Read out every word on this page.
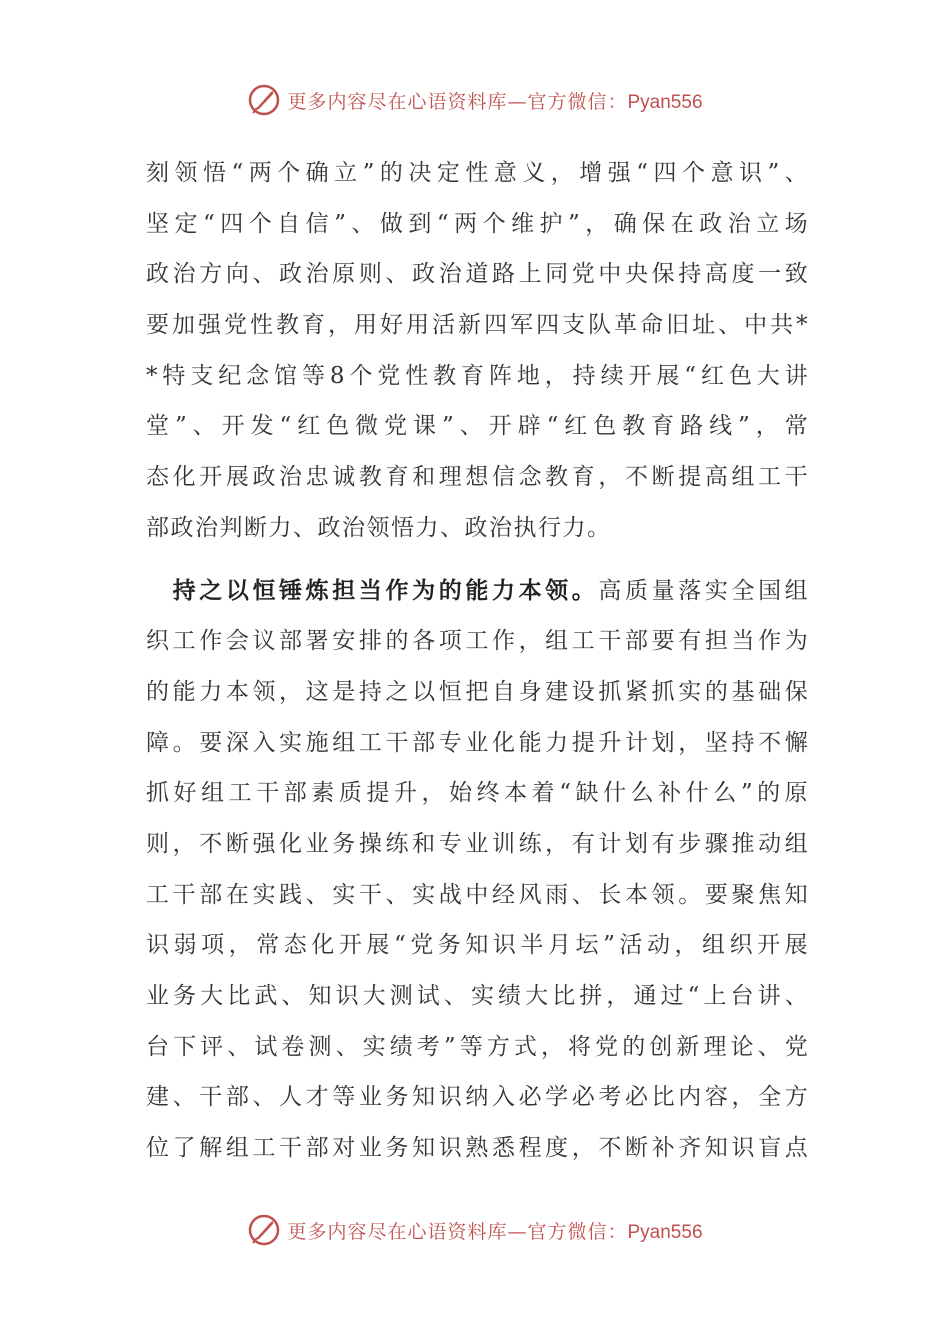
更多内容尽在心语资料库—官方微信：Pyan556
刻领悟“两个确立”的决定性意义，增强“四个意识”、
坚定“四个自信”、做到“两个维护”，确保在政治立场
政治方向、政治原则、政治道路上同党中央保持高度一致
要加强党性教育，用好用活新四军四支队革命旧址、中共*
*特支纪念馆等8个党性教育阵地，持续开展“红色大讲
堂”、开发“红色微党课”、开辟“红色教育路线”，常
态化开展政治忠诚教育和理想信念教育，不断提高组工干
部政治判断力、政治领悟力、政治执行力。
　持之以恒锤炼担当作为的能力本领。高质量落实全国组
织工作会议部署安排的各项工作，组工干部要有担当作为
的能力本领，这是持之以恒把自身建设抓紧抓实的基础保
障。要深入实施组工干部专业化能力提升计划，坚持不懈
抓好组工干部素质提升，始终本着“缺什么补什么”的原
则，不断强化业务操练和专业训练，有计划有步骤推动组
工干部在实践、实干、实战中经风雨、长本领。要聚焦知
识弱项，常态化开展“党务知识半月坛”活动，组织开展
业务大比武、知识大测试、实绩大比拼，通过“上台讲、
台下评、试卷测、实绩考”等方式，将党的创新理论、党
建、干部、人才等业务知识纳入必学必考必比内容，全方
位了解组工干部对业务知识熟悉程度，不断补齐知识盲点
更多内容尽在心语资料库—官方微信：Pyan556
